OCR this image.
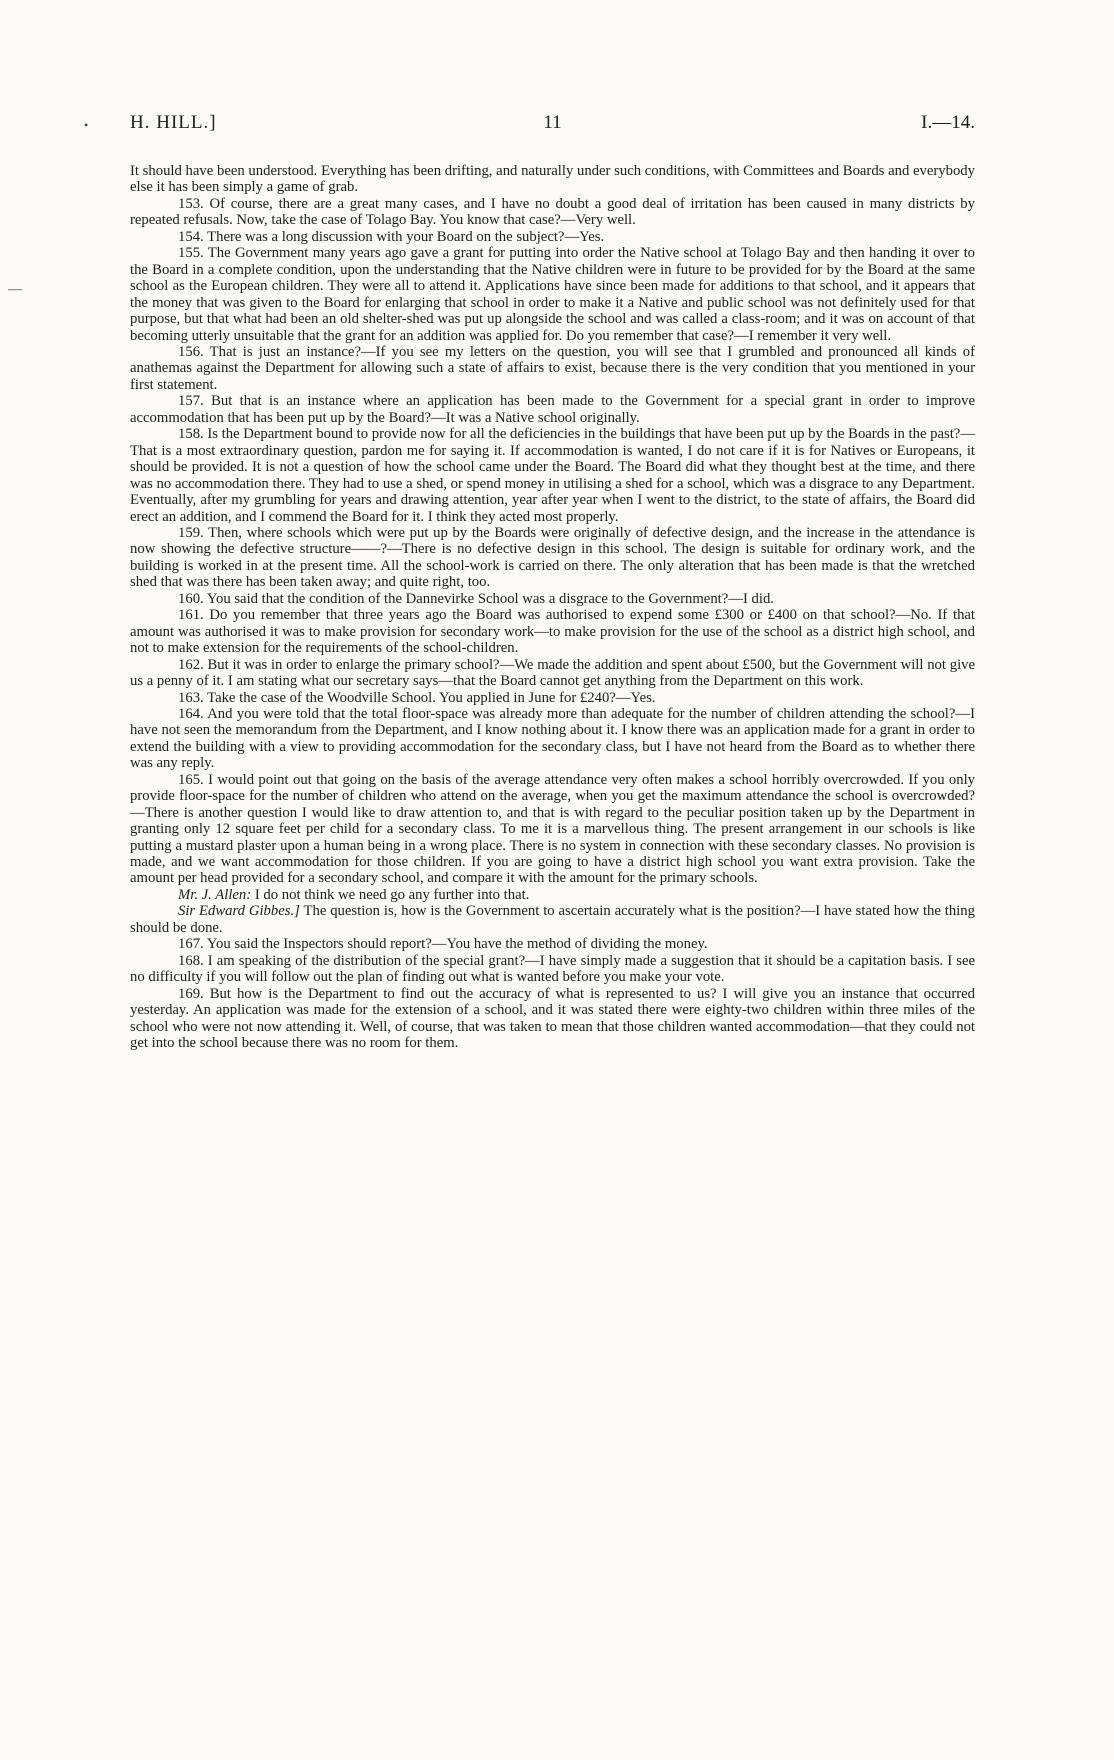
H. HILL.]	11	I.—14.
•
—

It should have been understood. Everything has been drifting, and naturally under such conditions, with Committees and Boards and everybody else it has been simply a game of grab.

153. Of course, there are a great many cases, and I have no doubt a good deal of irritation has been caused in many districts by repeated refusals. Now, take the case of Tolago Bay. You know that case?—Very well.

154. There was a long discussion with your Board on the subject?—Yes.

155. The Government many years ago gave a grant for putting into order the Native school at Tolago Bay and then handing it over to the Board in a complete condition, upon the understanding that the Native children were in future to be provided for by the Board at the same school as the European children. They were all to attend it. Applications have since been made for additions to that school, and it appears that the money that was given to the Board for enlarging that school in order to make it a Native and public school was not definitely used for that purpose, but that what had been an old shelter-shed was put up alongside the school and was called a class-room; and it was on account of that becoming utterly unsuitable that the grant for an addition was applied for. Do you remember that case?—I remember it very well.

156. That is just an instance?—If you see my letters on the question, you will see that I grumbled and pronounced all kinds of anathemas against the Department for allowing such a state of affairs to exist, because there is the very condition that you mentioned in your first statement.

157. But that is an instance where an application has been made to the Government for a special grant in order to improve accommodation that has been put up by the Board?—It was a Native school originally.

158. Is the Department bound to provide now for all the deficiencies in the buildings that have been put up by the Boards in the past?—That is a most extraordinary question, pardon me for saying it. If accommodation is wanted, I do not care if it is for Natives or Europeans, it should be provided. It is not a question of how the school came under the Board. The Board did what they thought best at the time, and there was no accommodation there. They had to use a shed, or spend money in utilising a shed for a school, which was a disgrace to any Department. Eventually, after my grumbling for years and drawing attention, year after year when I went to the district, to the state of affairs, the Board did erect an addition, and I commend the Board for it. I think they acted most properly.

159. Then, where schools which were put up by the Boards were originally of defective design, and the increase in the attendance is now showing the defective structure——?—There is no defective design in this school. The design is suitable for ordinary work, and the building is worked in at the present time. All the school-work is carried on there. The only alteration that has been made is that the wretched shed that was there has been taken away; and quite right, too.

160. You said that the condition of the Dannevirke School was a disgrace to the Government?—I did.

161. Do you remember that three years ago the Board was authorised to expend some £300 or £400 on that school?—No. If that amount was authorised it was to make provision for secondary work—to make provision for the use of the school as a district high school, and not to make extension for the requirements of the school-children.

162. But it was in order to enlarge the primary school?—We made the addition and spent about £500, but the Government will not give us a penny of it. I am stating what our secretary says—that the Board cannot get anything from the Department on this work.

163. Take the case of the Woodville School. You applied in June for £240?—Yes.

164. And you were told that the total floor-space was already more than adequate for the number of children attending the school?—I have not seen the memorandum from the Department, and I know nothing about it. I know there was an application made for a grant in order to extend the building with a view to providing accommodation for the secondary class, but I have not heard from the Board as to whether there was any reply.

165. I would point out that going on the basis of the average attendance very often makes a school horribly overcrowded. If you only provide floor-space for the number of children who attend on the average, when you get the maximum attendance the school is overcrowded?—There is another question I would like to draw attention to, and that is with regard to the peculiar position taken up by the Department in granting only 12 square feet per child for a secondary class. To me it is a marvellous thing. The present arrangement in our schools is like putting a mustard plaster upon a human being in a wrong place. There is no system in connection with these secondary classes. No provision is made, and we want accommodation for those children. If you are going to have a district high school you want extra provision. Take the amount per head provided for a secondary school, and compare it with the amount for the primary schools.

Mr. J. Allen: I do not think we need go any further into that.

Sir Edward Gibbes.] The question is, how is the Government to ascertain accurately what is the position?—I have stated how the thing should be done.

167. You said the Inspectors should report?—You have the method of dividing the money.

168. I am speaking of the distribution of the special grant?—I have simply made a suggestion that it should be a capitation basis. I see no difficulty if you will follow out the plan of finding out what is wanted before you make your vote.

169. But how is the Department to find out the accuracy of what is represented to us? I will give you an instance that occurred yesterday. An application was made for the extension of a school, and it was stated there were eighty-two children within three miles of the school who were not now attending it. Well, of course, that was taken to mean that those children wanted accommodation—that they could not get into the school because there was no room for them.
